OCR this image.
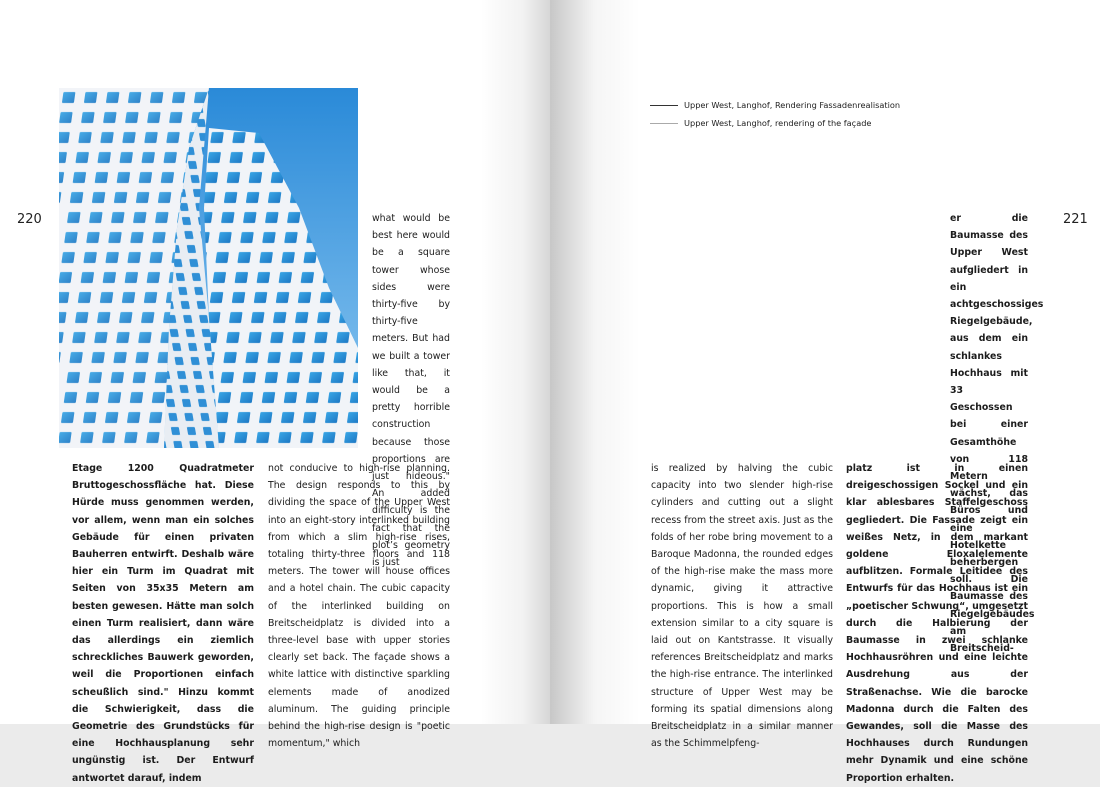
220	what would be best here would be a square tower whose sides were thirty-five by thirty-five meters. But had we built a tower like that, it would be a pretty horrible construction because those proportions are just hideous." An added difficulty is the fact that the plot’s geometry is just

Etage 1200 Quadratmeter Bruttogeschossfläche hat. Diese Hürde muss genommen werden, vor allem, wenn man ein solches Gebäude für einen privaten Bauherren entwirft. Deshalb wäre hier ein Turm im Quadrat mit Seiten von 35x35 Metern am besten gewesen. Hätte man solch einen Turm realisiert, dann wäre das allerdings ein ziemlich schreckliches Bauwerk geworden, weil die Proportionen einfach scheußlich sind." Hinzu kommt die Schwierigkeit, dass die Geometrie des Grundstücks für eine Hochhausplanung sehr ungünstig ist. Der Entwurf antwortet darauf, indem

not conducive to high-rise planning. The design responds to this by dividing the space of the Upper West into an eight-story interlinked building from which a slim high-rise rises, totaling thirty-three floors and 118 meters. The tower will house offices and a hotel chain. The cubic capacity of the interlinked building on Breitscheidplatz is divided into a three-level base with upper stories clearly set back. The façade shows a white lattice with distinctive sparkling elements made of anodized aluminum. The guiding principle behind the high-rise design is "poetic momentum," which

221
Upper West, Langhof, Rendering Fassadenrealisation
Upper West, Langhof, rendering of the façade

er die Baumasse des Upper West aufgliedert in ein achtgeschossiges Riegelgebäude, aus dem ein schlankes Hochhaus mit 33 Geschossen bei einer Gesamthöhe von 118 Metern wächst, das Büros und eine Hotelkette beherbergen soll. Die Baumasse des Riegelgebäudes am Breitscheid-

is realized by halving the cubic capacity into two slender high-rise cylinders and cutting out a slight recess from the street axis. Just as the folds of her robe bring movement to a Baroque Madonna, the rounded edges of the high-rise make the mass more dynamic, giving it attractive proportions. This is how a small extension similar to a city square is laid out on Kantstrasse. It visually references Breitscheidplatz and marks the high-rise entrance. The interlinked structure of Upper West may be forming its spatial dimensions along Breitscheidplatz in a similar manner as the Schimmelpfeng-

platz ist in einen dreigeschossigen Sockel und ein klar ablesbares Staffelgeschoss gegliedert. Die Fassade zeigt ein weißes Netz, in dem markant goldene Eloxalelemente aufblitzen. Formale Leitidee des Entwurfs für das Hochhaus ist ein „poetischer Schwung“, umgesetzt durch die Halbierung der Baumasse in zwei schlanke Hochhausröhren und eine leichte Ausdrehung aus der Straßenachse. Wie die barocke Madonna durch die Falten des Gewandes, soll die Masse des Hochhauses durch Rundungen mehr Dynamik und eine schöne Proportion erhalten.
